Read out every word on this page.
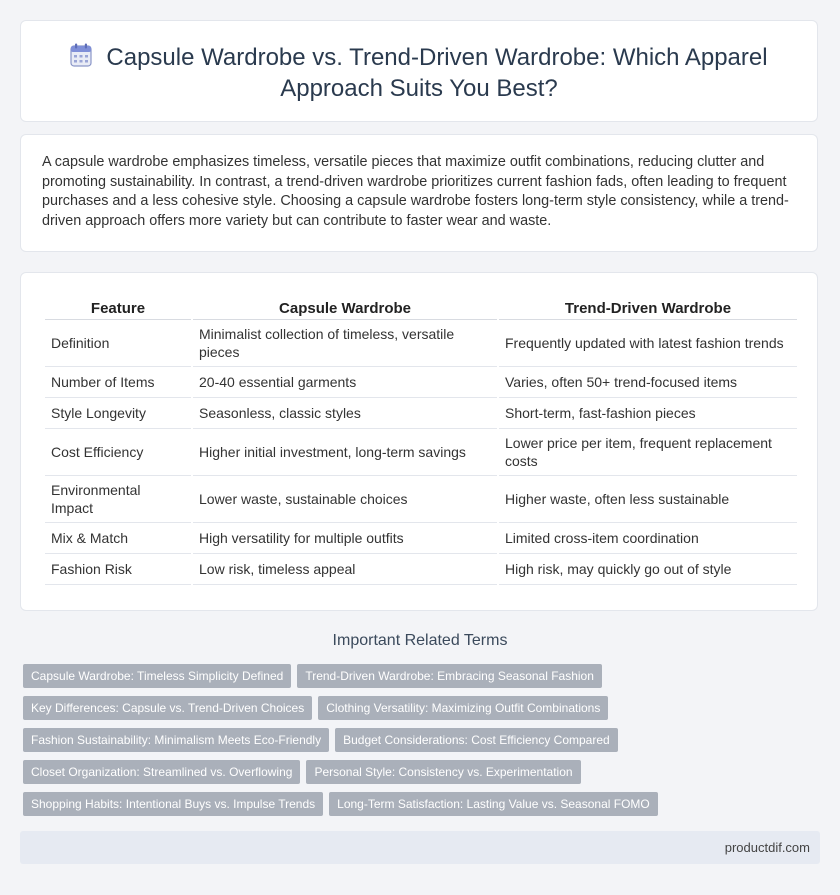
Capsule Wardrobe vs. Trend-Driven Wardrobe: Which Apparel Approach Suits You Best?

A capsule wardrobe emphasizes timeless, versatile pieces that maximize outfit combinations, reducing clutter and promoting sustainability. In contrast, a trend-driven wardrobe prioritizes current fashion fads, often leading to frequent purchases and a less cohesive style. Choosing a capsule wardrobe fosters long-term style consistency, while a trend-driven approach offers more variety but can contribute to faster wear and waste.

Feature	Capsule Wardrobe	Trend-Driven Wardrobe
Definition	Minimalist collection of timeless, versatile pieces	Frequently updated with latest fashion trends
Number of Items	20-40 essential garments	Varies, often 50+ trend-focused items
Style Longevity	Seasonless, classic styles	Short-term, fast-fashion pieces
Cost Efficiency	Higher initial investment, long-term savings	Lower price per item, frequent replacement costs
Environmental Impact	Lower waste, sustainable choices	Higher waste, often less sustainable
Mix & Match	High versatility for multiple outfits	Limited cross-item coordination
Fashion Risk	Low risk, timeless appeal	High risk, may quickly go out of style
Important Related Terms
Capsule Wardrobe: Timeless Simplicity Defined Trend-Driven Wardrobe: Embracing Seasonal Fashion
Key Differences: Capsule vs. Trend-Driven Choices Clothing Versatility: Maximizing Outfit Combinations
Fashion Sustainability: Minimalism Meets Eco-Friendly Budget Considerations: Cost Efficiency Compared
Closet Organization: Streamlined vs. Overflowing Personal Style: Consistency vs. Experimentation
Shopping Habits: Intentional Buys vs. Impulse Trends Long-Term Satisfaction: Lasting Value vs. Seasonal FOMO
productdif.com
